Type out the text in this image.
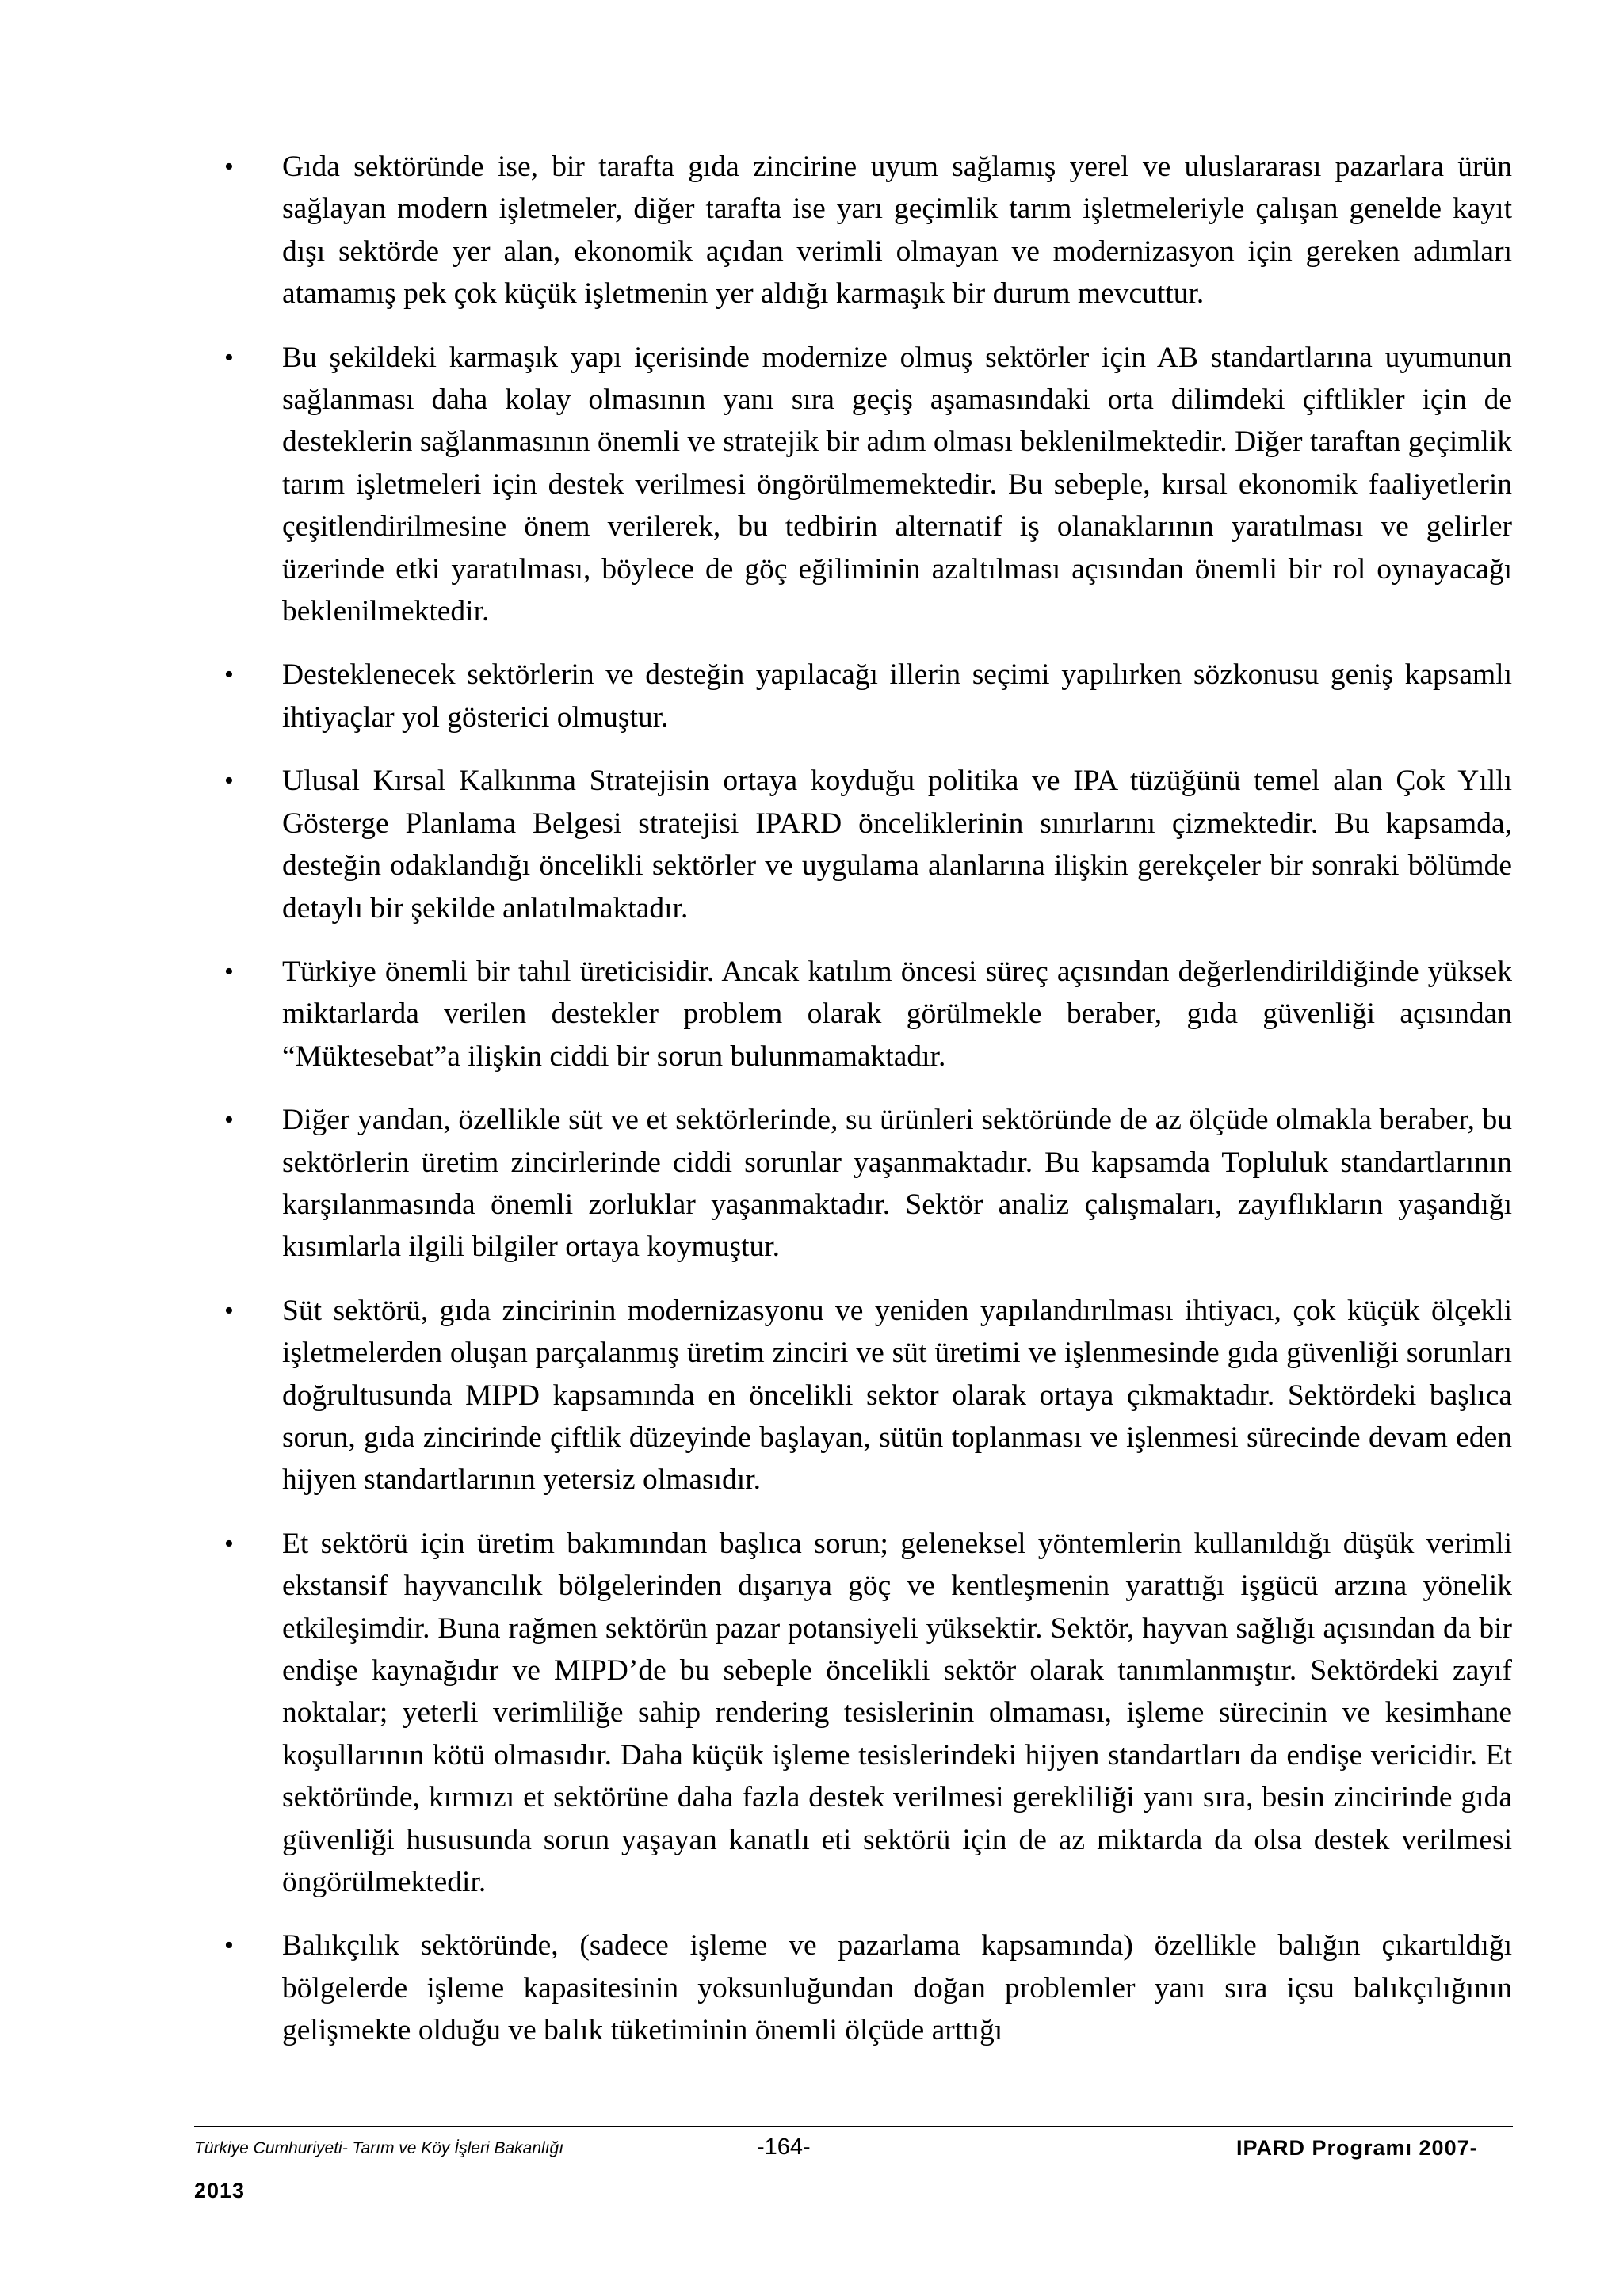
• Gıda sektöründe ise, bir tarafta gıda zincirine uyum sağlamış yerel ve uluslararası pazarlara ürün sağlayan modern işletmeler, diğer tarafta ise yarı geçimlik tarım işletmeleriyle çalışan genelde kayıt dışı sektörde yer alan, ekonomik açıdan verimli olmayan ve modernizasyon için gereken adımları atamamış pek çok küçük işletmenin yer aldığı karmaşık bir durum mevcuttur.
• Bu şekildeki karmaşık yapı içerisinde modernize olmuş sektörler için AB standartlarına uyumunun sağlanması daha kolay olmasının yanı sıra geçiş aşamasındaki orta dilimdeki çiftlikler için de desteklerin sağlanmasının önemli ve stratejik bir adım olması beklenilmektedir. Diğer taraftan geçimlik tarım işletmeleri için destek verilmesi öngörülmemektedir. Bu sebeple, kırsal ekonomik faaliyetlerin çeşitlendirilmesine önem verilerek, bu tedbirin alternatif iş olanaklarının yaratılması ve gelirler üzerinde etki yaratılması, böylece de göç eğiliminin azaltılması açısından önemli bir rol oynayacağı beklenilmektedir.
• Desteklenecek sektörlerin ve desteğin yapılacağı illerin seçimi yapılırken sözkonusu geniş kapsamlı ihtiyaçlar yol gösterici olmuştur.
• Ulusal Kırsal Kalkınma Stratejisin ortaya koyduğu politika ve IPA tüzüğünü temel alan Çok Yıllı Gösterge Planlama Belgesi stratejisi IPARD önceliklerinin sınırlarını çizmektedir. Bu kapsamda, desteğin odaklandığı öncelikli sektörler ve uygulama alanlarına ilişkin gerekçeler bir sonraki bölümde detaylı bir şekilde anlatılmaktadır.
• Türkiye önemli bir tahıl üreticisidir. Ancak katılım öncesi süreç açısından değerlendirildiğinde yüksek miktarlarda verilen destekler problem olarak görülmekle beraber, gıda güvenliği açısından “Müktesebat”a ilişkin ciddi bir sorun bulunmamaktadır.
• Diğer yandan, özellikle süt ve et sektörlerinde, su ürünleri sektöründe de az ölçüde olmakla beraber, bu sektörlerin üretim zincirlerinde ciddi sorunlar yaşanmaktadır. Bu kapsamda Topluluk standartlarının karşılanmasında önemli zorluklar yaşanmaktadır. Sektör analiz çalışmaları, zayıflıkların yaşandığı kısımlarla ilgili bilgiler ortaya koymuştur.
• Süt sektörü, gıda zincirinin modernizasyonu ve yeniden yapılandırılması ihtiyacı, çok küçük ölçekli işletmelerden oluşan parçalanmış üretim zinciri ve süt üretimi ve işlenmesinde gıda güvenliği sorunları doğrultusunda MIPD kapsamında en öncelikli sektor olarak ortaya çıkmaktadır. Sektördeki başlıca sorun, gıda zincirinde çiftlik düzeyinde başlayan, sütün toplanması ve işlenmesi sürecinde devam eden hijyen standartlarının yetersiz olmasıdır.
• Et sektörü için üretim bakımından başlıca sorun; geleneksel yöntemlerin kullanıldığı düşük verimli ekstansif hayvancılık bölgelerinden dışarıya göç ve kentleşmenin yarattığı işgücü arzına yönelik etkileşimdir. Buna rağmen sektörün pazar potansiyeli yüksektir. Sektör, hayvan sağlığı açısından da bir endişe kaynağıdır ve MIPD’de bu sebeple öncelikli sektör olarak tanımlanmıştır. Sektördeki zayıf noktalar; yeterli verimliliğe sahip rendering tesislerinin olmaması, işleme sürecinin ve kesimhane koşullarının kötü olmasıdır. Daha küçük işleme tesislerindeki hijyen standartları da endişe vericidir. Et sektöründe, kırmızı et sektörüne daha fazla destek verilmesi gerekliliği yanı sıra, besin zincirinde gıda güvenliği hususunda sorun yaşayan kanatlı eti sektörü için de az miktarda da olsa destek verilmesi öngörülmektedir.
• Balıkçılık sektöründe, (sadece işleme ve pazarlama kapsamında) özellikle balığın çıkartıldığı bölgelerde işleme kapasitesinin yoksunluğundan doğan problemler yanı sıra içsu balıkçılığının gelişmekte olduğu ve balık tüketiminin önemli ölçüde arttığı
Türkiye Cumhuriyeti- Tarım ve Köy İşleri Bakanlığı	-164-	IPARD Programı 2007-
2013
